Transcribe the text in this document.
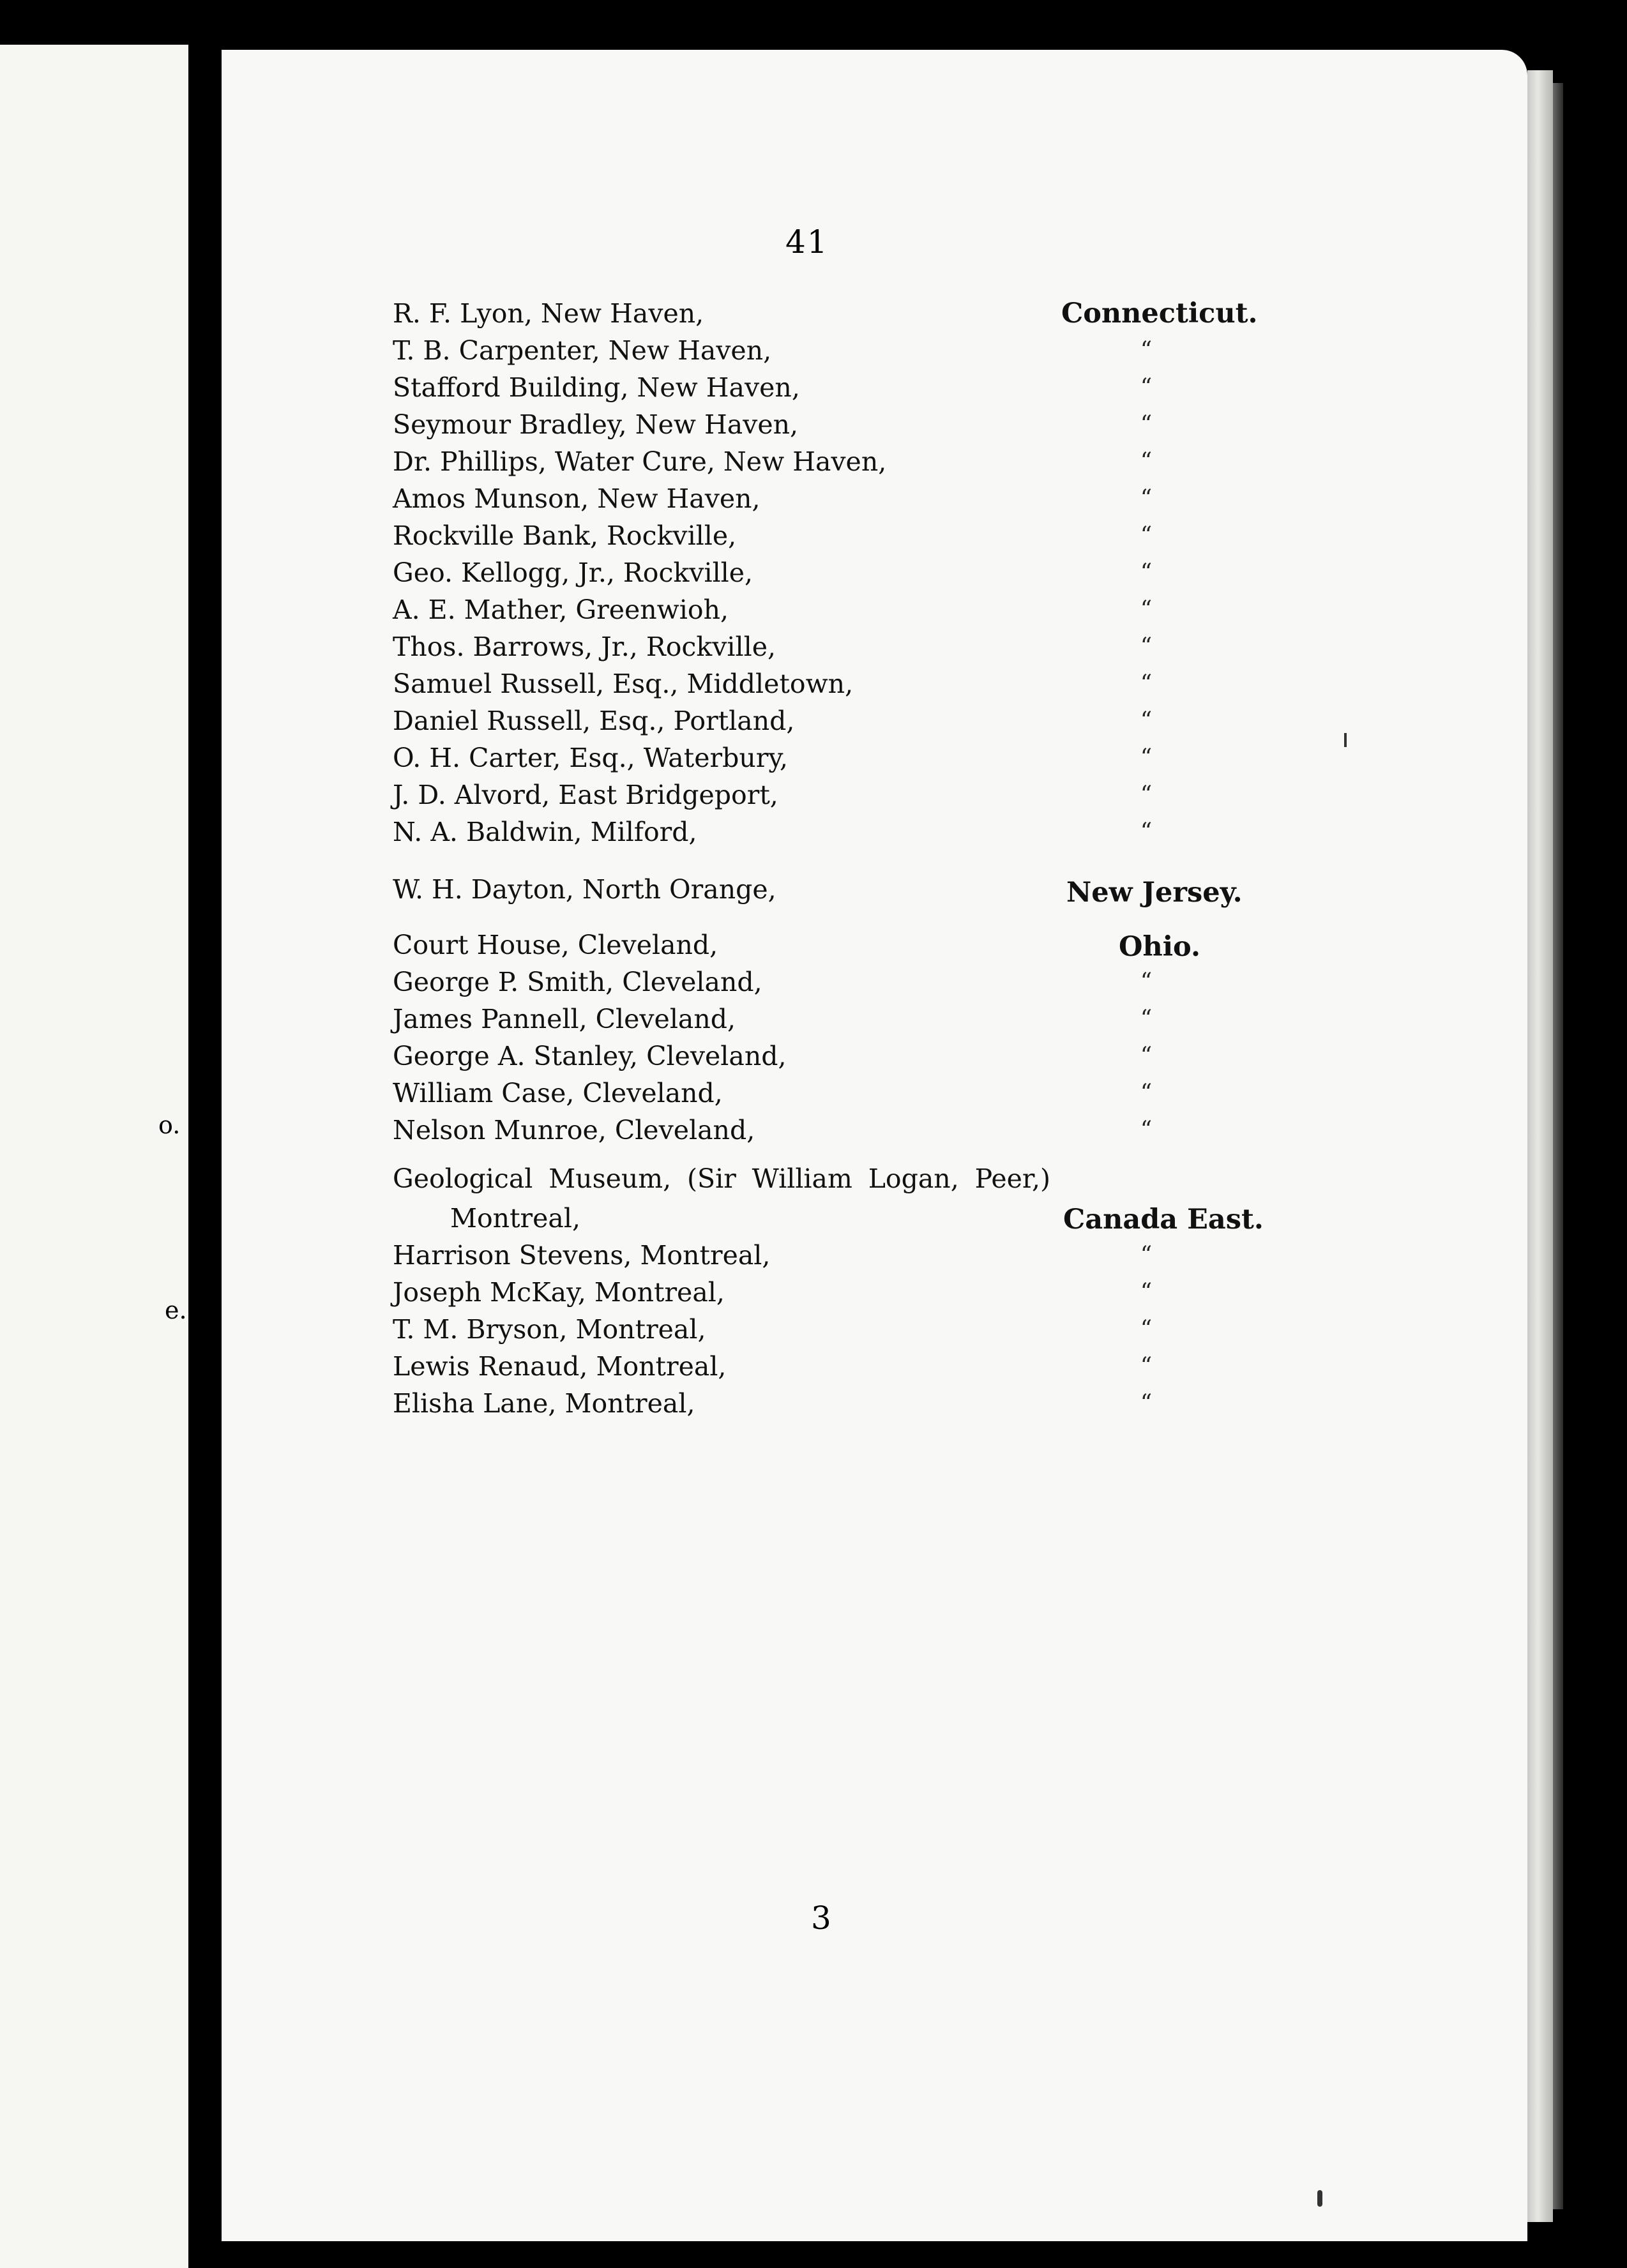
o.
e.
41
R. F. Lyon, New Haven,	Connecticut.
T. B. Carpenter, New Haven,	“
Stafford Building, New Haven,	“
Seymour Bradley, New Haven,	“
Dr. Phillips, Water Cure, New Haven,	“
Amos Munson, New Haven,	“
Rockville Bank, Rockville,	“
Geo. Kellogg, Jr., Rockville,	“
A. E. Mather, Greenwioh,	“
Thos. Barrows, Jr., Rockville,	“
Samuel Russell, Esq., Middletown,	“
Daniel Russell, Esq., Portland,	“
O. H. Carter, Esq., Waterbury,	“
J. D. Alvord, East Bridgeport,	“
N. A. Baldwin, Milford,	“
W. H. Dayton, North Orange,	New Jersey.
Court House, Cleveland,	Ohio.
George P. Smith, Cleveland,	“
James Pannell, Cleveland,	“
George A. Stanley, Cleveland,	“
William Case, Cleveland,	“
Nelson Munroe, Cleveland,	“
Geological Museum, (Sir William Logan, Peer,)
Montreal,	Canada East.
Harrison Stevens, Montreal,	“
Joseph McKay, Montreal,	“
T. M. Bryson, Montreal,	“
Lewis Renaud, Montreal,	“
Elisha Lane, Montreal,	“
3
